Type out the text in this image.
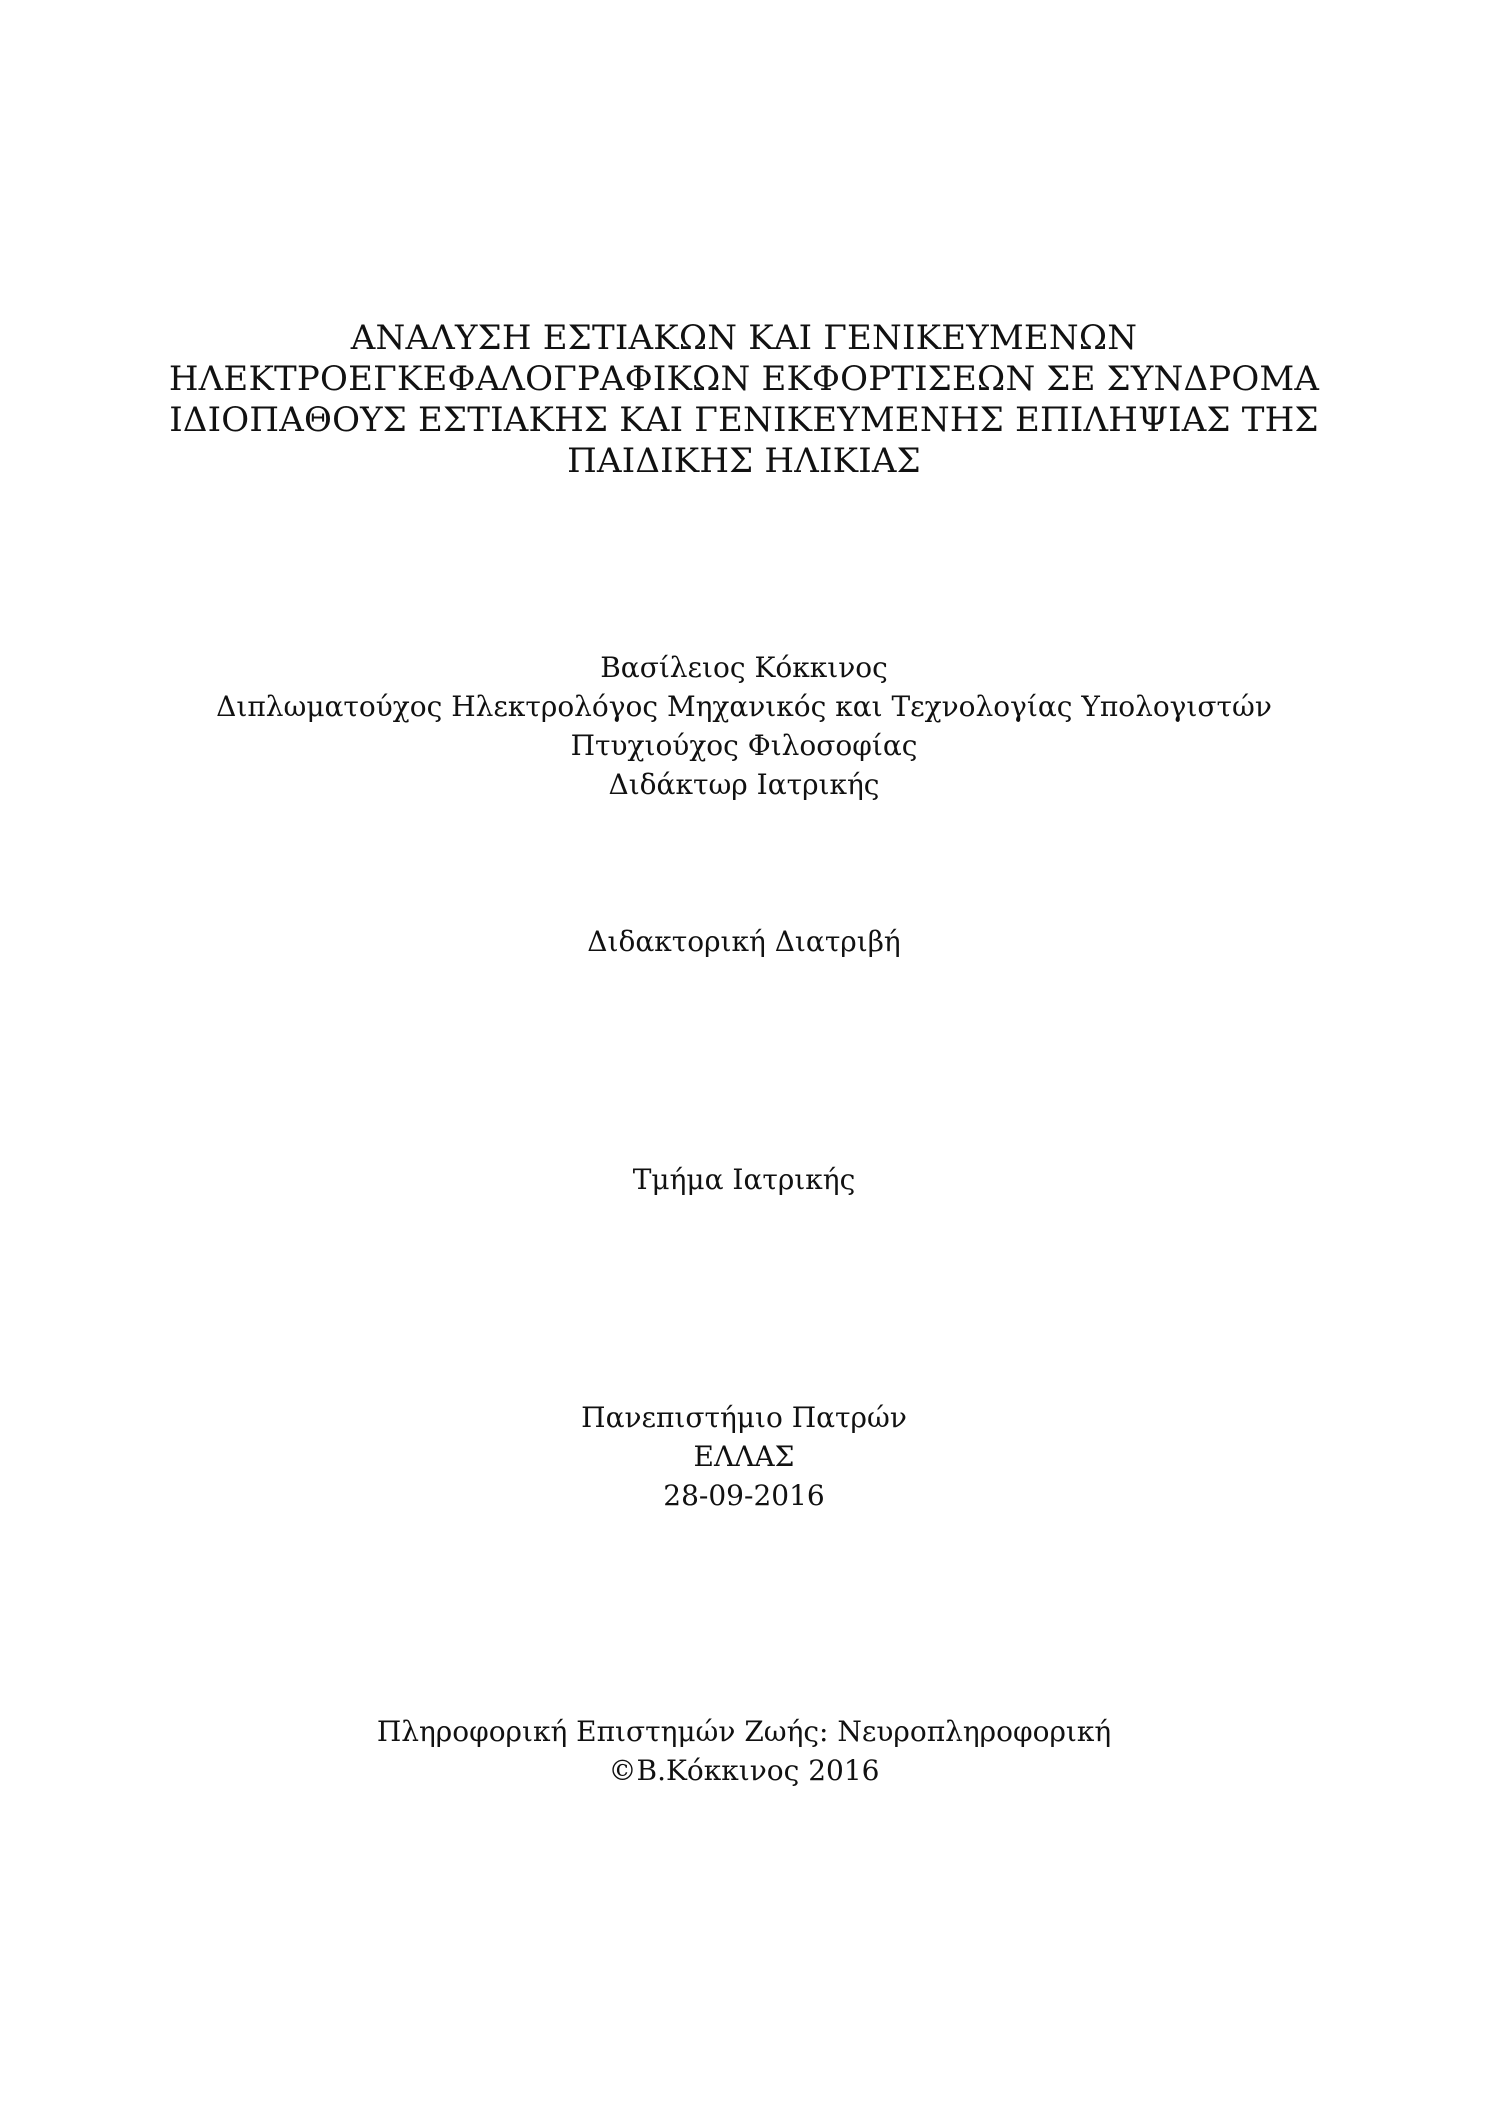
ΑΝΑΛΥΣΗ ΕΣΤΙΑΚΩΝ ΚΑΙ ΓΕΝΙΚΕΥΜΕΝΩΝ
ΗΛΕΚΤΡΟΕΓΚΕΦΑΛΟΓΡΑΦΙΚΩΝ ΕΚΦΟΡΤΙΣΕΩΝ ΣΕ ΣΥΝΔΡΟΜΑ
ΙΔΙΟΠΑΘΟΥΣ ΕΣΤΙΑΚΗΣ ΚΑΙ ΓΕΝΙΚΕΥΜΕΝΗΣ ΕΠΙΛΗΨΙΑΣ ΤΗΣ
ΠΑΙΔΙΚΗΣ ΗΛΙΚΙΑΣ
Βασίλειος Κόκκινος
Διπλωματούχος Ηλεκτρολόγος Μηχανικός και Τεχνολογίας Υπολογιστών
Πτυχιούχος Φιλοσοφίας
Διδάκτωρ Ιατρικής
Διδακτορική Διατριβή
Τμήμα Ιατρικής
Πανεπιστήμιο Πατρών
ΕΛΛΑΣ
28-09-2016
Πληροφορική Επιστημών Ζωής: Νευροπληροφορική
©Β.Κόκκινος 2016
